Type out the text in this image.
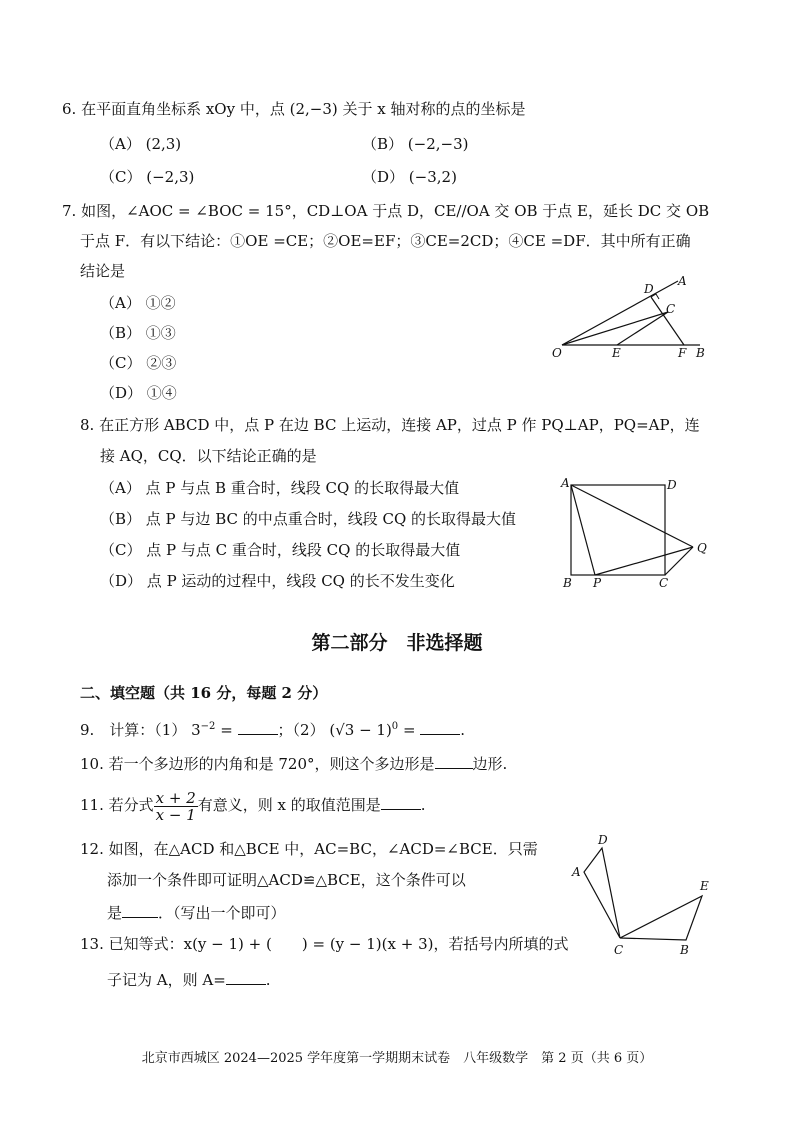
6. 在平面直角坐标系 xOy 中，点 (2,−3) 关于 x 轴对称的点的坐标是
（A） (2,3)	（B） (−2,−3)
（C） (−2,3)	（D） (−3,2)
7. 如图，∠AOC = ∠BOC = 15°，CD⊥OA 于点 D，CE//OA 交 OB 于点 E，延长 DC 交 OB
于点 F．有以下结论：①OE =CE；②OE=EF；③CE=2CD；④CE =DF．其中所有正确
结论是
（A） ①②
（B） ①③
（C） ②③
（D） ①④
O	E	F B
D
A
C
8. 在正方形 ABCD 中，点 P 在边 BC 上运动，连接 AP，过点 P 作 PQ⊥AP，PQ=AP，连
接 AQ，CQ．以下结论正确的是
（A） 点 P 与点 B 重合时，线段 CQ 的长取得最大值
（B） 点 P 与边 BC 的中点重合时，线段 CQ 的长取得最大值
（C） 点 P 与点 C 重合时，线段 CQ 的长取得最大值
（D） 点 P 运动的过程中，线段 CQ 的长不发生变化
A	D
Q
B P	C
第二部分　非选择题
二、填空题（共 16 分，每题 2 分）
9.　计算：（1） $3^{-2}$ =	；（2） $(√3 - 1)^0$ =	.
10. 若一个多边形的内角和是 720°，则这个多边形是	边形.
11. 若分式 $\frac{x + 2}{x - 1}$ 有意义，则 x 的取值范围是	.
12. 如图，在△ACD 和△BCE 中，AC=BC，∠ACD=∠BCE．只需
添加一个条件即可证明△ACD≌△BCE，这个条件可以
是 ．（写出一个即可）
D
A
E
C	B
13. 已知等式：x(y − 1) + (　　) = (y − 1)(x + 3)，若括号内所填的式
子记为 A，则 A=	.
北京市西城区 2024—2025 学年度第一学期期末试卷　八年级数学　第 2 页（共 6 页）
